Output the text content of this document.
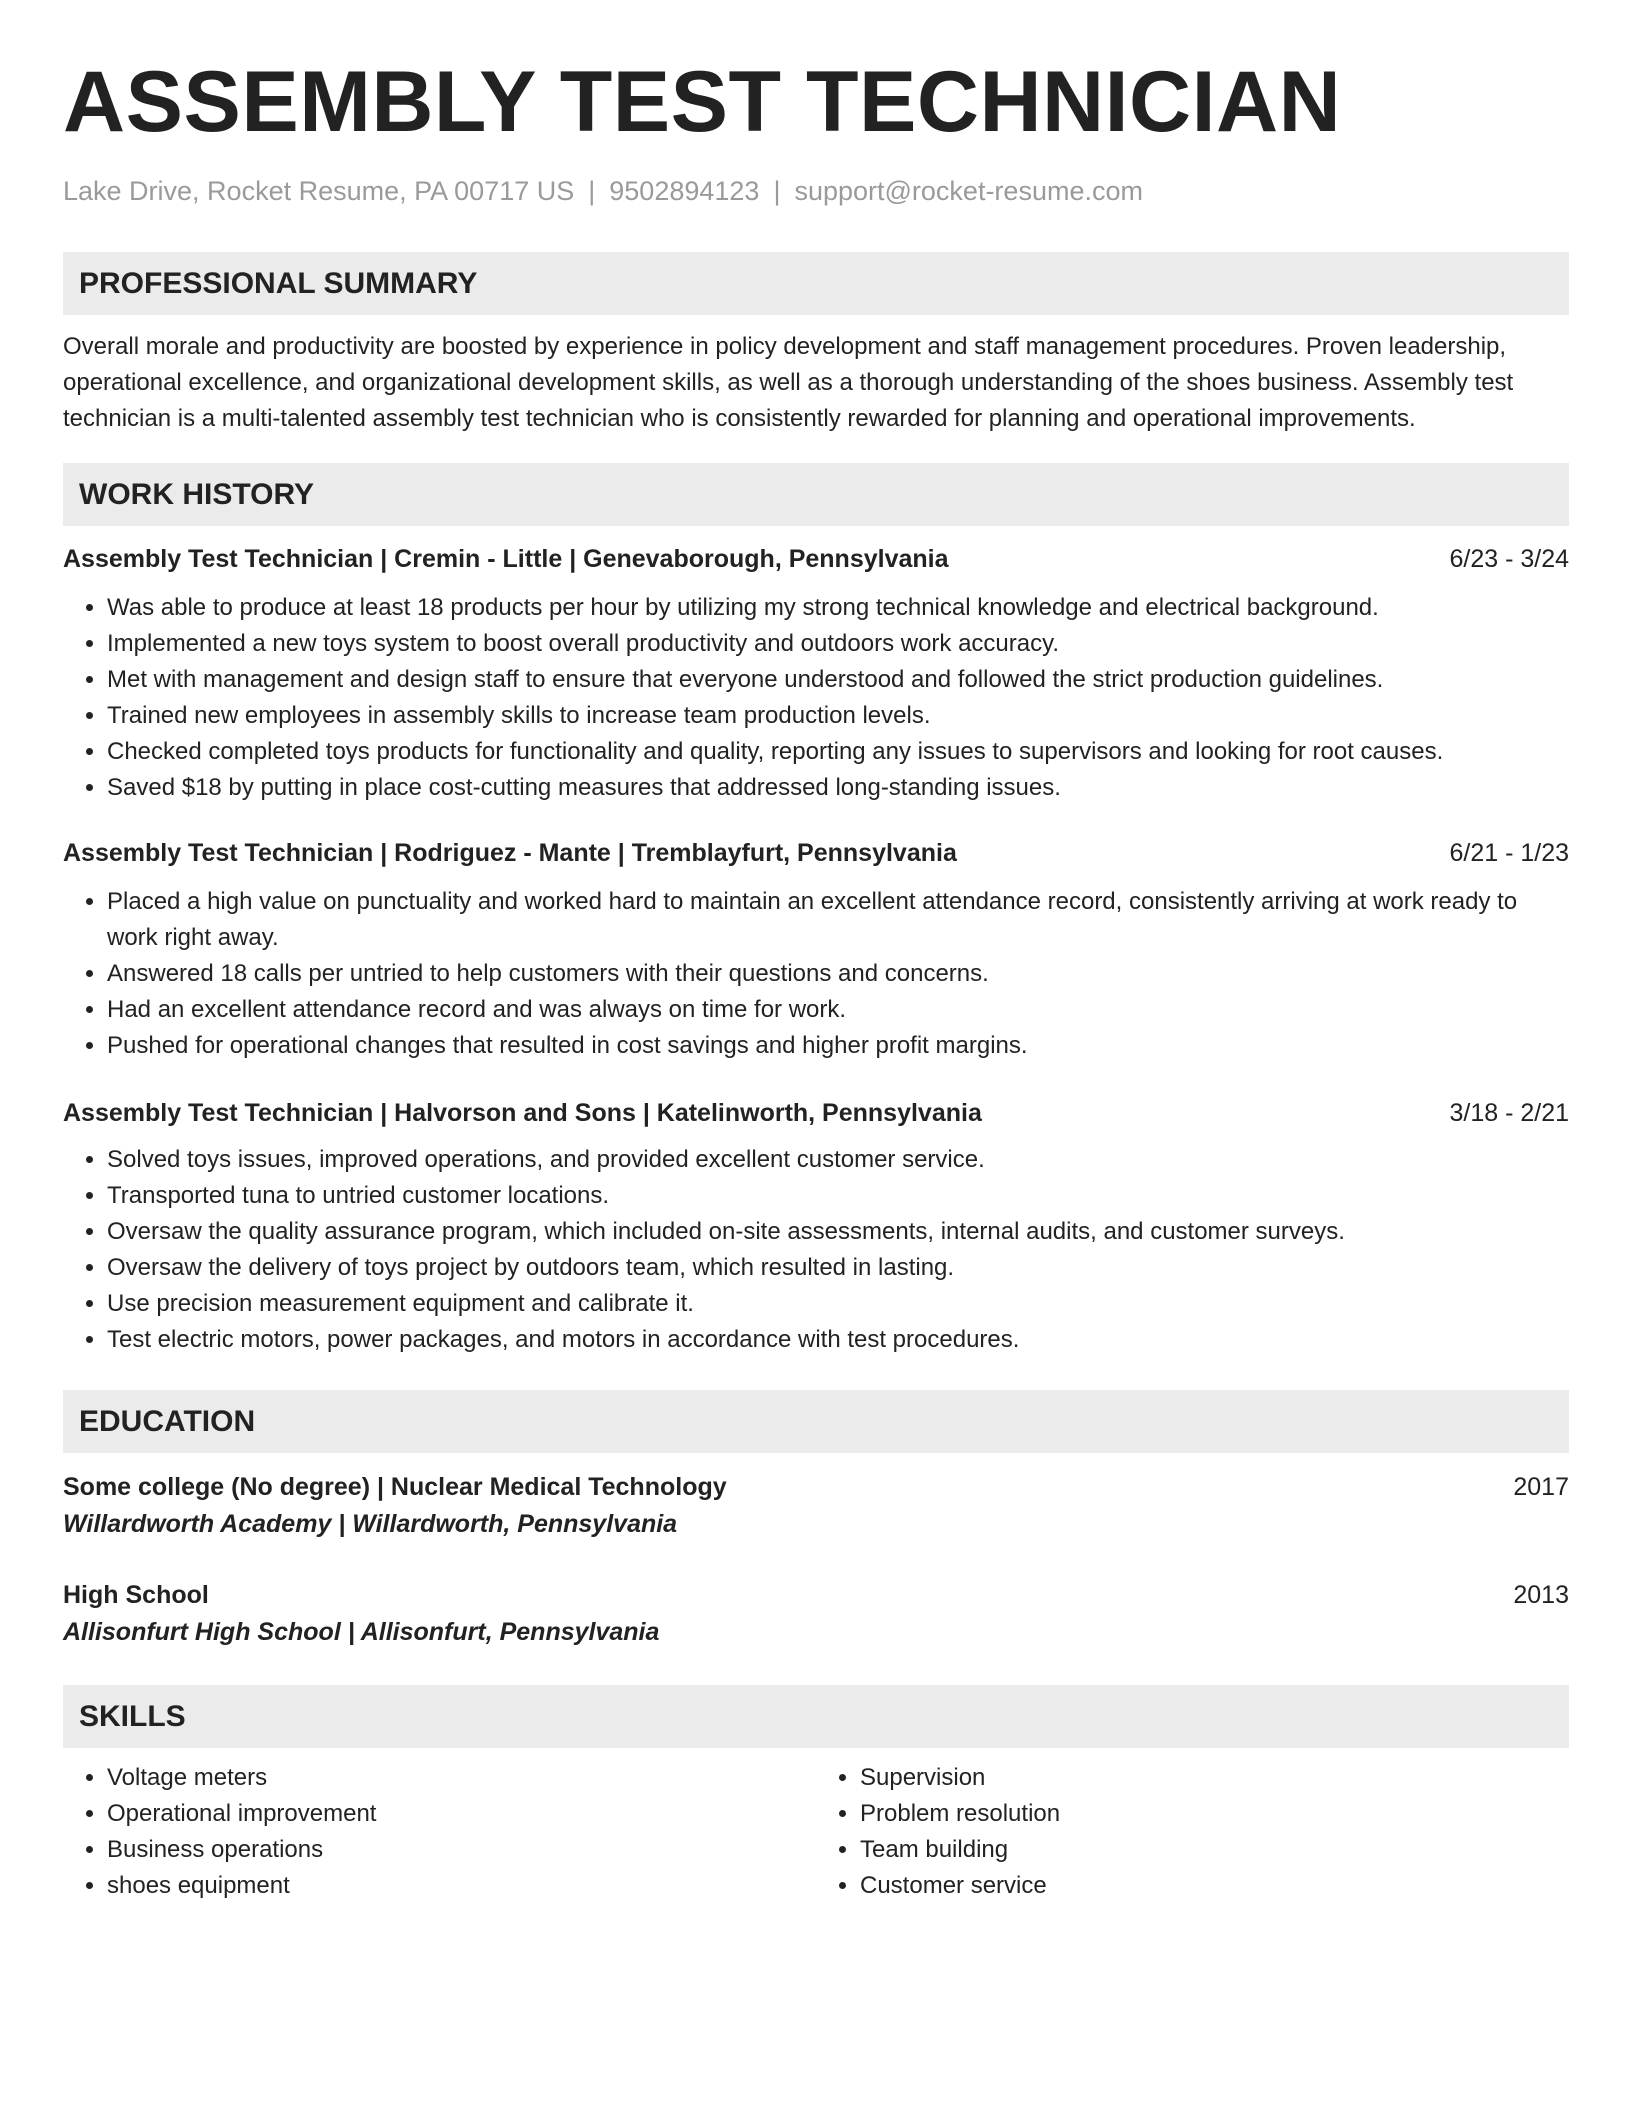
ASSEMBLY TEST TECHNICIAN
Lake Drive, Rocket Resume, PA 00717 US | 9502894123 | support@rocket-resume.com
PROFESSIONAL SUMMARY
Overall morale and productivity are boosted by experience in policy development and staff management procedures. Proven leadership, operational excellence, and organizational development skills, as well as a thorough understanding of the shoes business. Assembly test technician is a multi-talented assembly test technician who is consistently rewarded for planning and operational improvements.
WORK HISTORY
Assembly Test Technician | Cremin - Little | Genevaborough, Pennsylvania	6/23 - 3/24
• Was able to produce at least 18 products per hour by utilizing my strong technical knowledge and electrical background.
• Implemented a new toys system to boost overall productivity and outdoors work accuracy.
• Met with management and design staff to ensure that everyone understood and followed the strict production guidelines.
• Trained new employees in assembly skills to increase team production levels.
• Checked completed toys products for functionality and quality, reporting any issues to supervisors and looking for root causes.
• Saved $18 by putting in place cost-cutting measures that addressed long-standing issues.
Assembly Test Technician | Rodriguez - Mante | Tremblayfurt, Pennsylvania	6/21 - 1/23
• Placed a high value on punctuality and worked hard to maintain an excellent attendance record, consistently arriving at work ready to work right away.
• Answered 18 calls per untried to help customers with their questions and concerns.
• Had an excellent attendance record and was always on time for work.
• Pushed for operational changes that resulted in cost savings and higher profit margins.
Assembly Test Technician | Halvorson and Sons | Katelinworth, Pennsylvania	3/18 - 2/21
• Solved toys issues, improved operations, and provided excellent customer service.
• Transported tuna to untried customer locations.
• Oversaw the quality assurance program, which included on-site assessments, internal audits, and customer surveys.
• Oversaw the delivery of toys project by outdoors team, which resulted in lasting.
• Use precision measurement equipment and calibrate it.
• Test electric motors, power packages, and motors in accordance with test procedures.
EDUCATION
Some college (No degree) | Nuclear Medical Technology	2017
Willardworth Academy | Willardworth, Pennsylvania
High School	2013
Allisonfurt High School | Allisonfurt, Pennsylvania
SKILLS
• Voltage meters
• Operational improvement
• Business operations
• shoes equipment
• Supervision
• Problem resolution
• Team building
• Customer service
